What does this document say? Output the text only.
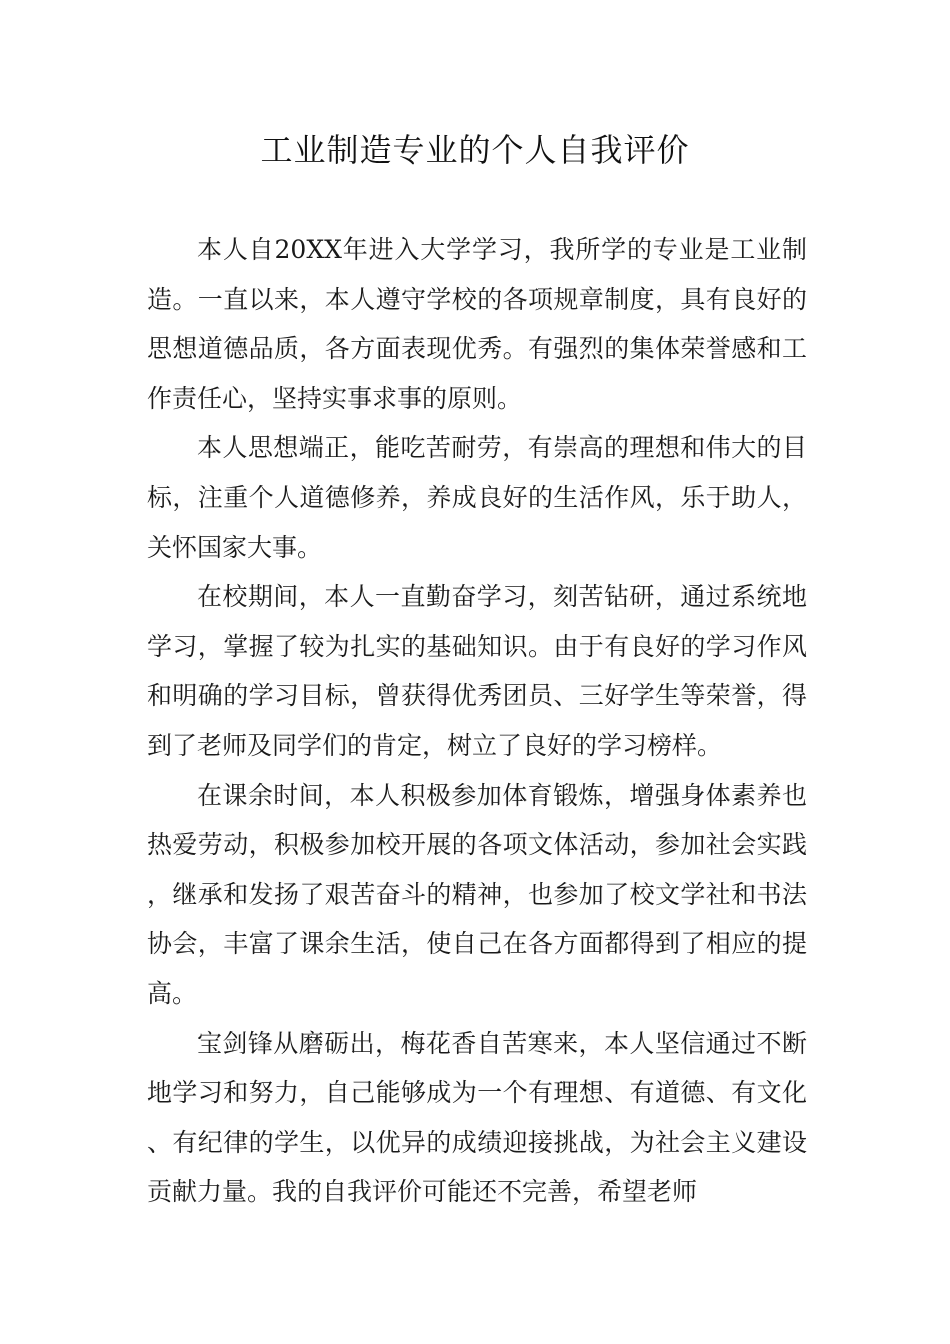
工业制造专业的个人自我评价

本人自20XX年进入大学学习，我所学的专业是工业制造。一直以来，本人遵守学校的各项规章制度，具有良好的思想道德品质，各方面表现优秀。有强烈的集体荣誉感和工作责任心，坚持实事求事的原则。

本人思想端正，能吃苦耐劳，有崇高的理想和伟大的目标，注重个人道德修养，养成良好的生活作风，乐于助人，关怀国家大事。

在校期间，本人一直勤奋学习，刻苦钻研，通过系统地学习，掌握了较为扎实的基础知识。由于有良好的学习作风和明确的学习目标，曾获得优秀团员、三好学生等荣誉，得到了老师及同学们的肯定，树立了良好的学习榜样。

在课余时间，本人积极参加体育锻炼，增强身体素养也热爱劳动，积极参加校开展的各项文体活动，参加社会实践，继承和发扬了艰苦奋斗的精神，也参加了校文学社和书法协会，丰富了课余生活，使自己在各方面都得到了相应的提高。

宝剑锋从磨砺出，梅花香自苦寒来，本人坚信通过不断地学习和努力，自己能够成为一个有理想、有道德、有文化、有纪律的学生，以优异的成绩迎接挑战，为社会主义建设贡献力量。我的自我评价可能还不完善，希望老师
